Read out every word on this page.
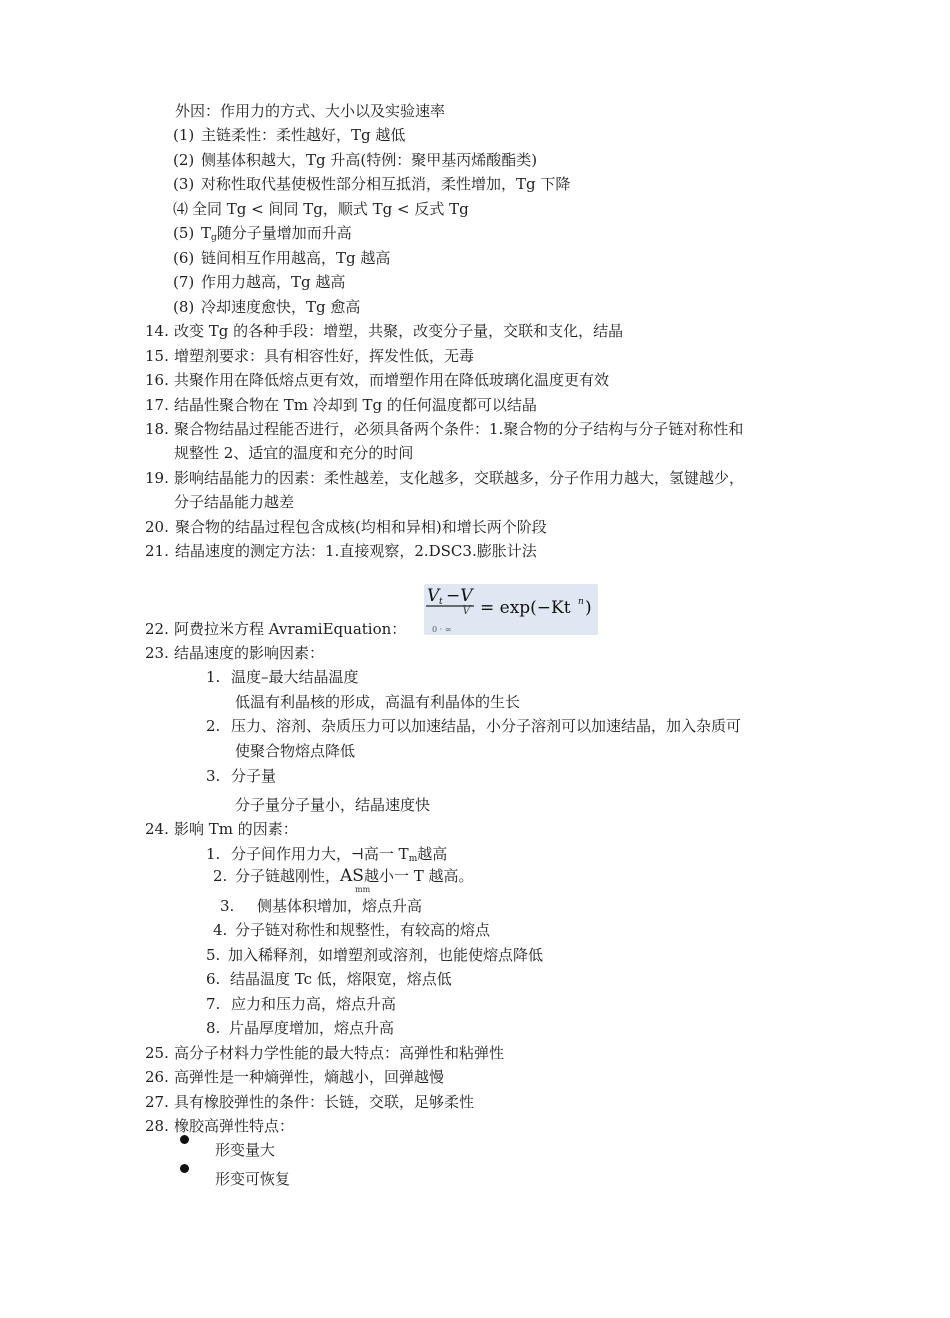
外因：作用力的方式、大小以及实验速率
(1) 主链柔性：柔性越好，Tg 越低
(2) 侧基体积越大，Tg 升高(特例：聚甲基丙烯酸酯类)
(3) 对称性取代基使极性部分相互抵消，柔性增加，Tg 下降
⑷ 全同 Tg < 间同 Tg，顺式 Tg < 反式 Tg
(5) $T_g$随分子量增加而升高
(6) 链间相互作用越高，Tg 越高
(7) 作用力越高，Tg 越高
(8) 冷却速度愈快，Tg 愈高
14. 改变 Tg 的各种手段：增塑，共聚，改变分子量，交联和支化，结晶
15. 增塑剂要求：具有相容性好，挥发性低，无毒
16. 共聚作用在降低熔点更有效，而增塑作用在降低玻璃化温度更有效
17. 结晶性聚合物在 Tm 冷却到 Tg 的任何温度都可以结晶
18. 聚合物结晶过程能否进行，必须具备两个条件：1.聚合物的分子结构与分子链对称性和
规整性 2、适宜的温度和充分的时间
19. 影响结晶能力的因素：柔性越差，支化越多，交联越多，分子作用力越大，氢键越少，
分子结晶能力越差
20. 聚合物的结晶过程包含成核(均相和异相)和增长两个阶段
21. 结晶速度的测定方法：1.直接观察，2.DSC3.膨胀计法
V t −V
V = exp(−Kt n )
0 · ∞
22. 阿费拉米方程 AvramiEquation：
23. 结晶速度的影响因素：
1. 温度–最大结晶温度
低温有利晶核的形成，高温有利晶体的生长
2. 压力、溶剂、杂质压力可以加速结晶，小分子溶剂可以加速结晶，加入杂质可
使聚合物熔点降低
3. 分子量
分子量分子量小，结晶速度快
24. 影响 Tm 的因素：
1. 分子间作用力大，⊣高一 $T_m$越高
2. 分子链越刚性，AS越小一 T 越高。
mm
3. 侧基体积增加，熔点升高
4. 分子链对称性和规整性，有较高的熔点
5. 加入稀释剂，如增塑剂或溶剂，也能使熔点降低
6. 结晶温度 Tc 低，熔限宽，熔点低
7. 应力和压力高，熔点升高
8. 片晶厚度增加，熔点升高
25. 高分子材料力学性能的最大特点：高弹性和粘弹性
26. 高弹性是一种熵弹性，熵越小，回弹越慢
27. 具有橡胶弹性的条件：长链，交联，足够柔性
28. 橡胶高弹性特点：
形变量大
形变可恢复
